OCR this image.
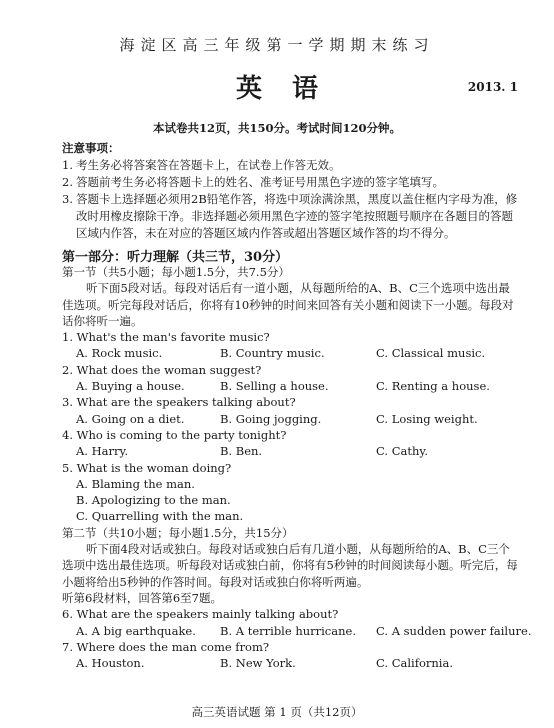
海淀区高三年级第一学期期末练习
英语	2013. 1
本试卷共12页，共150分。考试时间120分钟。
注意事项：
1. 考生务必将答案答在答题卡上，在试卷上作答无效。
2. 答题前考生务必将答题卡上的姓名、准考证号用黑色字迹的签字笔填写。
3. 答题卡上选择题必须用2B铅笔作答，将选中项涂满涂黑，黑度以盖住框内字母为准，修改时用橡皮擦除干净。非选择题必须用黑色字迹的签字笔按照题号顺序在各题目的答题区域内作答，未在对应的答题区域内作答或超出答题区域作答的均不得分。
第一部分：听力理解（共三节，30分）
第一节（共5小题；每小题1.5分，共7.5分）
听下面5段对话。每段对话后有一道小题，从每题所给的A、B、C三个选项中选出最佳选项。听完每段对话后，你将有10秒钟的时间来回答有关小题和阅读下一小题。每段对话你将听一遍。
1. What's the man's favorite music?
A. Rock music.	B. Country music.	C. Classical music.
2. What does the woman suggest?
A. Buying a house.	B. Selling a house.	C. Renting a house.
3. What are the speakers talking about?
A. Going on a diet.	B. Going jogging.	C. Losing weight.
4. Who is coming to the party tonight?
A. Harry.	B. Ben.	C. Cathy.
5. What is the woman doing?
A. Blaming the man.
B. Apologizing to the man.
C. Quarrelling with the man.
第二节（共10小题；每小题1.5分，共15分）
听下面4段对话或独白。每段对话或独白后有几道小题，从每题所给的A、B、C三个选项中选出最佳选项。听每段对话或独白前，你将有5秒钟的时间阅读每小题。听完后，每小题将给出5秒钟的作答时间。每段对话或独白你将听两遍。
听第6段材料，回答第6至7题。
6. What are the speakers mainly talking about?
A. A big earthquake. B. A terrible hurricane. C. A sudden power failure.
7. Where does the man come from?
A. Houston.	B. New York.	C. California.
高三英语试题 第 1 页（共12页）
